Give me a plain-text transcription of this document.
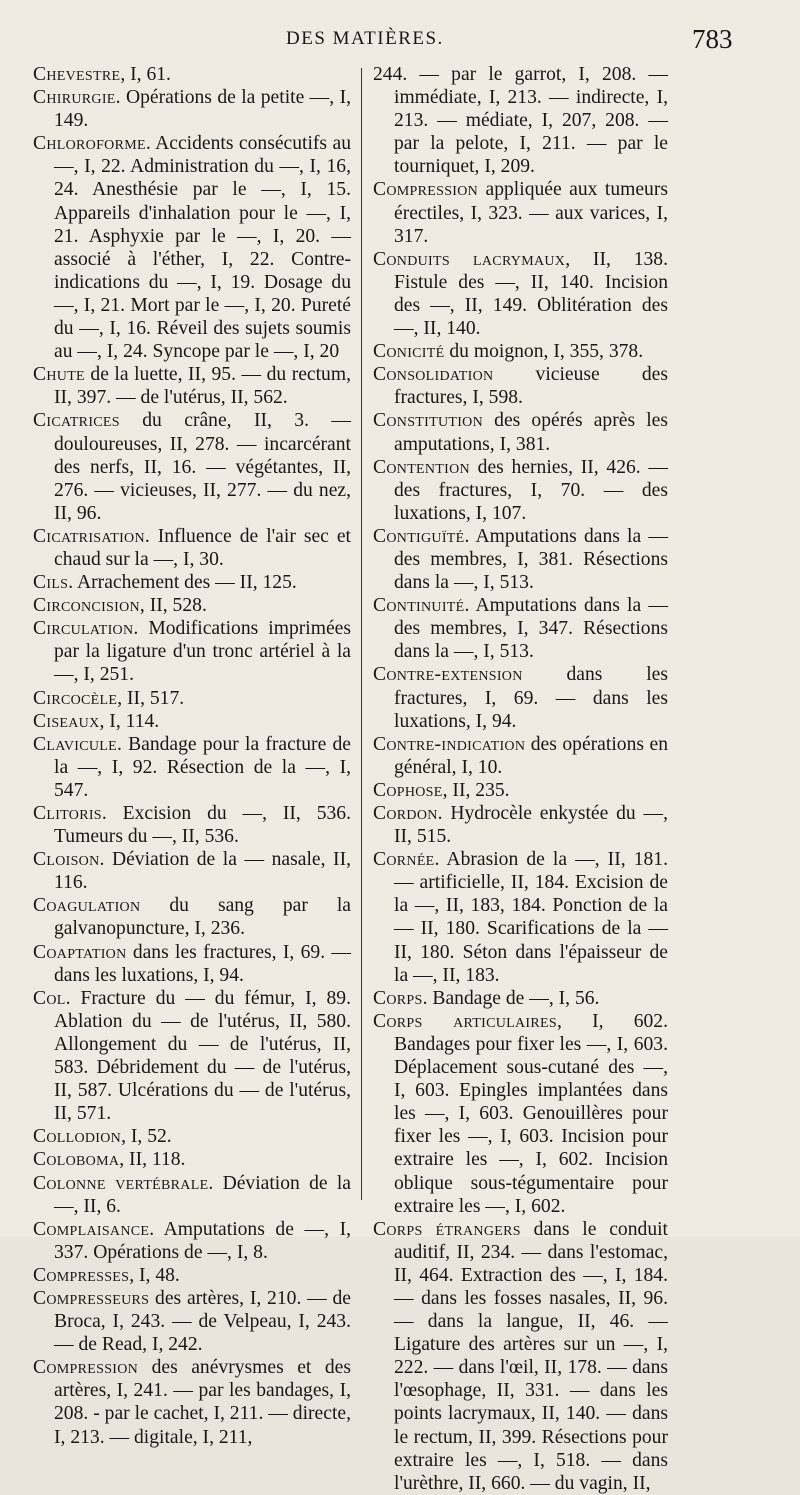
DES MATIÈRES.	783

Chevestre, I, 61.

Chirurgie. Opérations de la petite —, I, 149.

Chloroforme. Accidents consécutifs au —, I, 22. Administration du —, I, 16, 24. Anesthésie par le —, I, 15. Appareils d'inhalation pour le —, I, 21. Asphyxie par le —, I, 20. — associé à l'éther, I, 22. Contre-indications du —, I, 19. Dosage du —, I, 21. Mort par le —, I, 20. Pureté du —, I, 16. Réveil des sujets soumis au —, I, 24. Syncope par le —, I, 20

Chute de la luette, II, 95. — du rectum, II, 397. — de l'utérus, II, 562.

Cicatrices du crâne, II, 3. — douloureuses, II, 278. — incarcérant des nerfs, II, 16. — végétantes, II, 276. — vicieuses, II, 277. — du nez, II, 96.

Cicatrisation. Influence de l'air sec et chaud sur la —, I, 30.

Cils. Arrachement des — II, 125.

Circoncision, II, 528.

Circulation. Modifications imprimées par la ligature d'un tronc artériel à la —, I, 251.

Circocèle, II, 517.

Ciseaux, I, 114.

Clavicule. Bandage pour la fracture de la —, I, 92. Résection de la —, I, 547.

Clitoris. Excision du —, II, 536. Tumeurs du —, II, 536.

Cloison. Déviation de la — nasale, II, 116.

Coagulation du sang par la galvanopuncture, I, 236.

Coaptation dans les fractures, I, 69. — dans les luxations, I, 94.

Col. Fracture du — du fémur, I, 89. Ablation du — de l'utérus, II, 580. Allongement du — de l'utérus, II, 583. Débridement du — de l'utérus, II, 587. Ulcérations du — de l'utérus, II, 571.

Collodion, I, 52.

Coloboma, II, 118.

Colonne vertébrale. Déviation de la —, II, 6.

Complaisance. Amputations de —, I, 337. Opérations de —, I, 8.

Compresses, I, 48.

Compresseurs des artères, I, 210. — de Broca, I, 243. — de Velpeau, I, 243. — de Read, I, 242.

Compression des anévrysmes et des artères, I, 241. — par les bandages, I, 208. - par le cachet, I, 211. — directe, I, 213. — digitale, I, 211,

244. — par le garrot, I, 208. — immédiate, I, 213. — indirecte, I, 213. — médiate, I, 207, 208. — par la pelote, I, 211. — par le tourniquet, I, 209.

Compression appliquée aux tumeurs érectiles, I, 323. — aux varices, I, 317.

Conduits lacrymaux, II, 138. Fistule des —, II, 140. Incision des —, II, 149. Oblitération des —, II, 140.

Conicité du moignon, I, 355, 378.

Consolidation vicieuse des fractures, I, 598.

Constitution des opérés après les amputations, I, 381.

Contention des hernies, II, 426. — des fractures, I, 70. — des luxations, I, 107.

Contiguïté. Amputations dans la — des membres, I, 381. Résections dans la —, I, 513.

Continuité. Amputations dans la — des membres, I, 347. Résections dans la —, I, 513.

Contre-extension dans les fractures, I, 69. — dans les luxations, I, 94.

Contre-indication des opérations en général, I, 10.

Cophose, II, 235.

Cordon. Hydrocèle enkystée du —, II, 515.

Cornée. Abrasion de la —, II, 181. — artificielle, II, 184. Excision de la —, II, 183, 184. Ponction de la — II, 180. Scarifications de la — II, 180. Séton dans l'épaisseur de la —, II, 183.

Corps. Bandage de —, I, 56.

Corps articulaires, I, 602. Bandages pour fixer les —, I, 603. Déplacement sous-cutané des —, I, 603. Epingles implantées dans les —, I, 603. Genouillères pour fixer les —, I, 603. Incision pour extraire les —, I, 602. Incision oblique sous-tégumentaire pour extraire les —, I, 602.

Corps étrangers dans le conduit auditif, II, 234. — dans l'estomac, II, 464. Extraction des —, I, 184. — dans les fosses nasales, II, 96. — dans la langue, II, 46. — Ligature des artères sur un —, I, 222. — dans l'œil, II, 178. — dans l'œsophage, II, 331. — dans les points lacrymaux, II, 140. — dans le rectum, II, 399. Résections pour extraire les —, I, 518. — dans l'urèthre, II, 660. — du vagin, II,
